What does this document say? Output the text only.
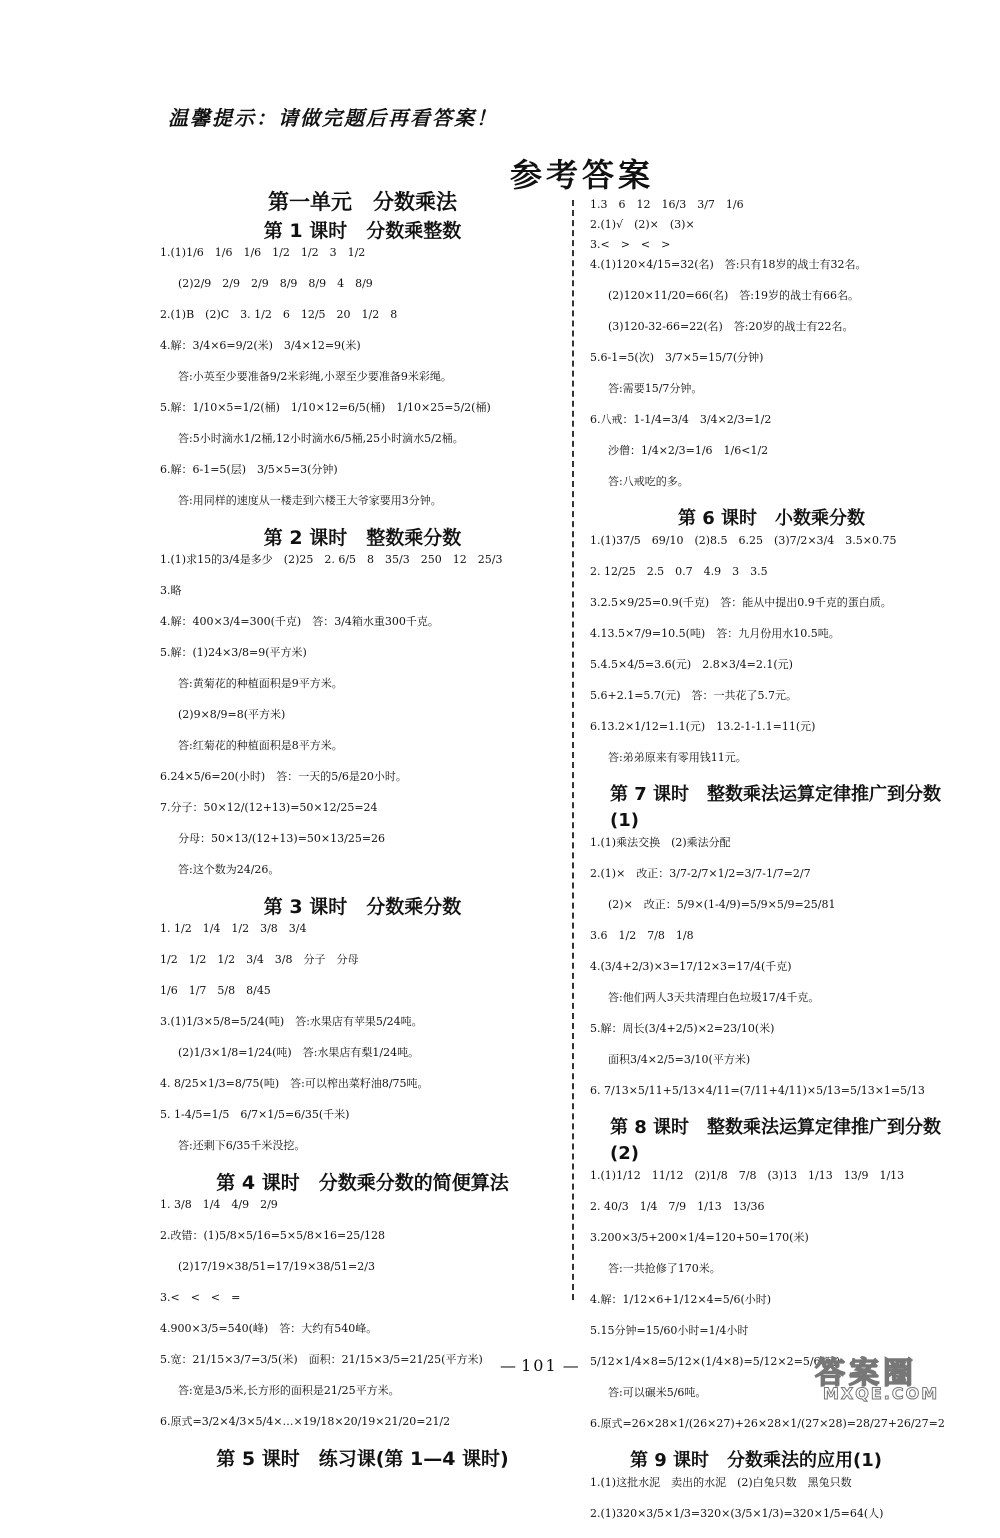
温馨提示：请做完题后再看答案！
参考答案
第一单元　分数乘法
第 1 课时　分数乘整数
1.(1)1/6　1/6　1/6　1/2　1/2　3　1/2
(2)2/9　2/9　2/9　8/9　8/9　4　8/9
2.(1)B　(2)C　3. 1/2　6　12/5　20　1/2　8
4.解：3/4×6=9/2(米)　3/4×12=9(米)
答:小英至少要准备9/2米彩绳,小翠至少要准备9米彩绳。
5.解：1/10×5=1/2(桶)　1/10×12=6/5(桶)　1/10×25=5/2(桶)
答:5小时滴水1/2桶,12小时滴水6/5桶,25小时滴水5/2桶。
6.解：6-1=5(层)　3/5×5=3(分钟)
答:用同样的速度从一楼走到六楼王大爷家要用3分钟。
第 2 课时　整数乘分数
1.(1)求15的3/4是多少　(2)25　2. 6/5　8　35/3　250　12　25/3
3.略
4.解：400×3/4=300(千克)　答：3/4箱水重300千克。
5.解：(1)24×3/8=9(平方米)
答:黄菊花的种植面积是9平方米。
(2)9×8/9=8(平方米)
答:红菊花的种植面积是8平方米。
6.24×5/6=20(小时)　答：一天的5/6是20小时。
7.分子：50×12/(12+13)=50×12/25=24
分母：50×13/(12+13)=50×13/25=26
答:这个数为24/26。
第 3 课时　分数乘分数
1. 1/2　1/4　1/2　3/8　3/4
1/2　1/2　1/2　3/4　3/8　分子　分母
1/6　1/7　5/8　8/45
3.(1)1/3×5/8=5/24(吨)　答:水果店有苹果5/24吨。
(2)1/3×1/8=1/24(吨)　答:水果店有梨1/24吨。
4. 8/25×1/3=8/75(吨)　答:可以榨出菜籽油8/75吨。
5. 1-4/5=1/5　6/7×1/5=6/35(千米)
答:还剩下6/35千米没挖。
第 4 课时　分数乘分数的简便算法
1. 3/8　1/4　4/9　2/9
2.改错：(1)5/8×5/16=5×5/8×16=25/128
(2)17/19×38/51=17/19×38/51=2/3
3.<　<　<　=
4.900×3/5=540(峰)　答：大约有540峰。
5.宽：21/15×3/7=3/5(米)　面积：21/15×3/5=21/25(平方米)
答:宽是3/5米,长方形的面积是21/25平方米。
6.原式=3/2×4/3×5/4×…×19/18×20/19×21/20=21/2
第 5 课时　练习课(第 1—4 课时)
1.3　6　12　16/3　3/7　1/6
2.(1)√　(2)×　(3)×
3.<　>　<　>
4.(1)120×4/15=32(名)　答:只有18岁的战士有32名。
(2)120×11/20=66(名)　答:19岁的战士有66名。
(3)120-32-66=22(名)　答:20岁的战士有22名。
5.6-1=5(次)　3/7×5=15/7(分钟)
答:需要15/7分钟。
6.八戒：1-1/4=3/4　3/4×2/3=1/2
沙僧：1/4×2/3=1/6　1/6<1/2
答:八戒吃的多。
第 6 课时　小数乘分数
1.(1)37/5　69/10　(2)8.5　6.25　(3)7/2×3/4　3.5×0.75
2. 12/25　2.5　0.7　4.9　3　3.5
3.2.5×9/25=0.9(千克)　答：能从中提出0.9千克的蛋白质。
4.13.5×7/9=10.5(吨)　答：九月份用水10.5吨。
5.4.5×4/5=3.6(元)　2.8×3/4=2.1(元)
5.6+2.1=5.7(元)　答：一共花了5.7元。
6.13.2×1/12=1.1(元)　13.2-1-1.1=11(元)
答:弟弟原来有零用钱11元。
第 7 课时　整数乘法运算定律推广到分数(1)
1.(1)乘法交换　(2)乘法分配
2.(1)×　改正：3/7-2/7×1/2=3/7-1/7=2/7
(2)×　改正：5/9×(1-4/9)=5/9×5/9=25/81
3.6　1/2　7/8　1/8
4.(3/4+2/3)×3=17/12×3=17/4(千克)
答:他们两人3天共清理白色垃圾17/4千克。
5.解：周长(3/4+2/5)×2=23/10(米)
面积3/4×2/5=3/10(平方米)
6. 7/13×5/11+5/13×4/11=(7/11+4/11)×5/13=5/13×1=5/13
第 8 课时　整数乘法运算定律推广到分数(2)
1.(1)1/12　11/12　(2)1/8　7/8　(3)13　1/13　13/9　1/13
2. 40/3　1/4　7/9　1/13　13/36
3.200×3/5+200×1/4=120+50=170(米)
答:一共抢修了170米。
4.解：1/12×6+1/12×4=5/6(小时)
5.15分钟=15/60小时=1/4小时
5/12×1/4×8=5/12×(1/4×8)=5/12×2=5/6(吨)
答:可以碾米5/6吨。
6.原式=26×28×1/(26×27)+26×28×1/(27×28)=28/27+26/27=2
第 9 课时　分数乘法的应用(1)
1.(1)这批水泥　卖出的水泥　(2)白兔只数　黑兔只数
2.(1)320×3/5×1/3=320×(3/5×1/3)=320×1/5=64(人)
— 101 —	答案圈
MXQE.COM
